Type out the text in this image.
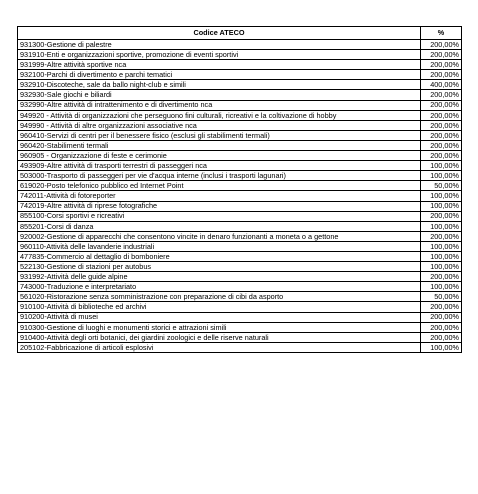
Codice ATECO	%
931300-Gestione di palestre	200,00%
931910-Enti e organizzazioni sportive, promozione di eventi sportivi	200,00%
931999-Altre attività sportive nca	200,00%
932100-Parchi di divertimento e parchi tematici	200,00%
932910-Discoteche, sale da ballo night-club e simili	400,00%
932930-Sale giochi e biliardi	200,00%
932990-Altre attività di intrattenimento e di divertimento nca	200,00%
949920 - Attività di organizzazioni che perseguono fini culturali, ricreativi e la coltivazione di hobby	200,00%
949990 - Attività di altre organizzazioni associative nca	200,00%
960410-Servizi di centri per il benessere fisico (esclusi gli stabilimenti termali)	200,00%
960420-Stabilimenti termali	200,00%
960905 - Organizzazione di feste e cerimonie	200,00%
493909-Altre attività di trasporti terrestri di passeggeri nca	100,00%
503000-Trasporto di passeggeri per vie d'acqua interne (inclusi i trasporti lagunari)	100,00%
619020-Posto telefonico pubblico ed Internet Point	50,00%
742011-Attività di fotoreporter	100,00%
742019-Altre attività di riprese fotografiche	100,00%
855100-Corsi sportivi e ricreativi	200,00%
855201-Corsi di danza	100,00%
920002-Gestione di apparecchi che consentono vincite in denaro funzionanti a moneta o a gettone	200,00%
960110-Attività delle lavanderie industriali	100,00%
477835-Commercio al dettaglio di bomboniere	100,00%
522130-Gestione di stazioni per autobus	100,00%
931992-Attività delle guide alpine	200,00%
743000-Traduzione e interpretariato	100,00%
561020-Ristorazione senza somministrazione con preparazione di cibi da asporto	50,00%
910100-Attività di biblioteche ed archivi	200,00%
910200-Attività di musei	200,00%
910300-Gestione di luoghi e monumenti storici e attrazioni simili	200,00%
910400-Attività degli orti botanici, dei giardini zoologici e delle riserve naturali	200,00%
205102-Fabbricazione di articoli esplosivi	100,00%
